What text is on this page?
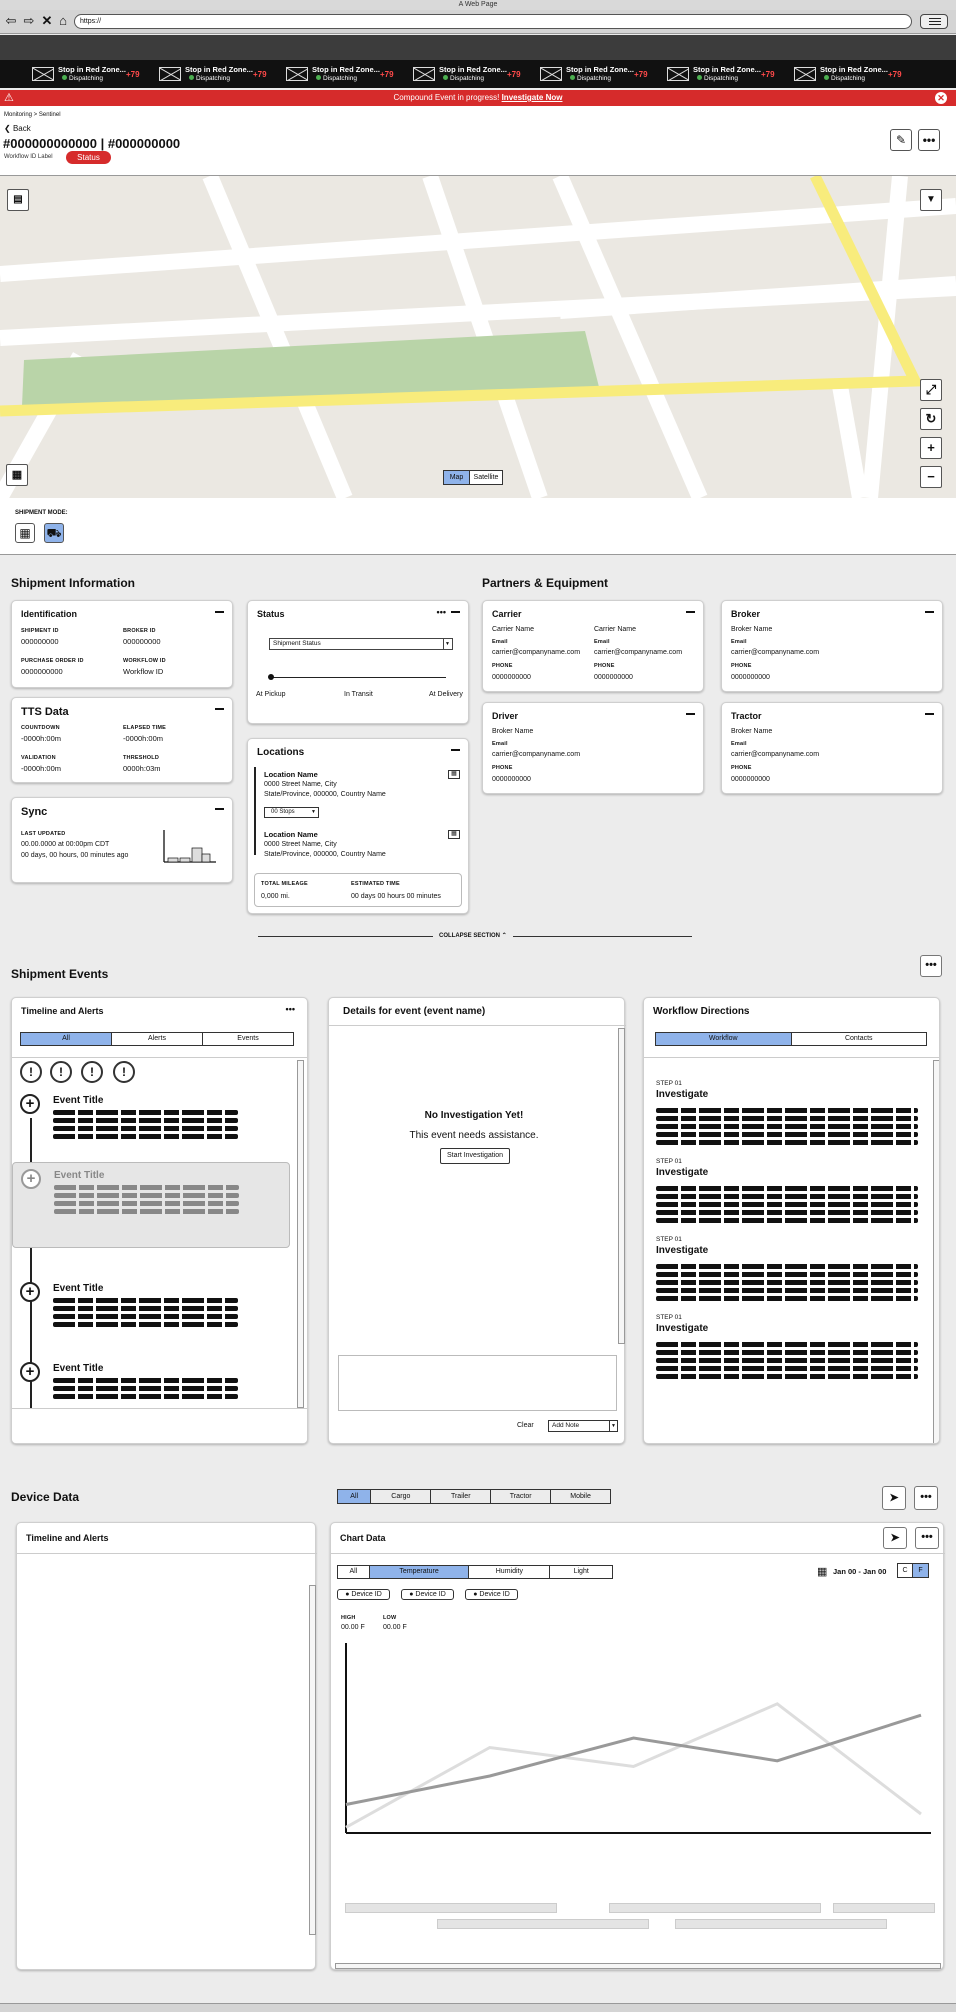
A Web Page
⇦ ⇨ ✕ ⌂	https://
Stop in Red Zone...
Dispatching	+79
Stop in Red Zone...
Dispatching	+79
Stop in Red Zone...
Dispatching	+79
Stop in Red Zone...
Dispatching	+79
Stop in Red Zone...
Dispatching	+79
Stop in Red Zone...
Dispatching	+79
Stop in Red Zone...
Dispatching	+79
⚠	Compound Event in progress! Investigate Now	✕
Monitoring > Sentinel
❮ Back
#000000000000 | #000000000
Workflow ID Label	Status
✎	•••
▤	▼
⤢
↻
+
−
▦	Map	Satellite
SHIPMENT MODE:
▦	⛟
Shipment Information	Partners & Equipment
Identification
SHIPMENT ID
000000000
BROKER ID
000000000
PURCHASE ORDER ID
0000000000
WORKFLOW ID
Workflow ID
TTS Data
COUNTDOWN
-0000h:00m
ELAPSED TIME
-0000h:00m
VALIDATION
-0000h:00m
THRESHOLD
0000h:03m
Sync
LAST UPDATED
00.00.0000 at 00:00pm CDT
00 days, 00 hours, 00 minutes ago
Status	•••
Shipment Status	▼
At Pickup	In Transit	At Delivery
Locations
Location Name
0000 Street Name, City
State/Province, 000000, Country Name
▦
00 Stops	▼
Location Name
0000 Street Name, City
State/Province, 000000, Country Name
▦
TOTAL MILEAGE
0,000 mi.
ESTIMATED TIME
00 days 00 hours 00 minutes
Carrier
Carrier Name
Email
carrier@companyname.com
PHONE
0000000000
Carrier Name
Email
carrier@companyname.com
PHONE
0000000000
Broker
Broker Name
Email
carrier@companyname.com
PHONE
0000000000
Driver
Broker Name
Email
carrier@companyname.com
PHONE
0000000000
Tractor
Broker Name
Email
carrier@companyname.com
PHONE
0000000000
COLLAPSE SECTION ⌃
Shipment Events
•••
Timeline and Alerts	•••
All	Alerts	Events
!	!	!	!
+	Event Title
+	Event Title
+	Event Title
+	Event Title
Details for event (event name)
No Investigation Yet!
This event needs assistance.
Start Investigation
Clear	Add Note	▼
Workflow Directions
Workflow	Contacts
STEP 01
Investigate
STEP 01
Investigate
STEP 01
Investigate
STEP 01
Investigate
Device Data	All	Cargo	Trailer	Tractor	Mobile	➤	•••
Timeline and Alerts	Chart Data	➤	•••
All	Temperature	Humidity	Light	▦ Jan 00 - Jan 00	C	F
● Device ID	● Device ID	● Device ID
HIGH
00.00 F
LOW
00.00 F
